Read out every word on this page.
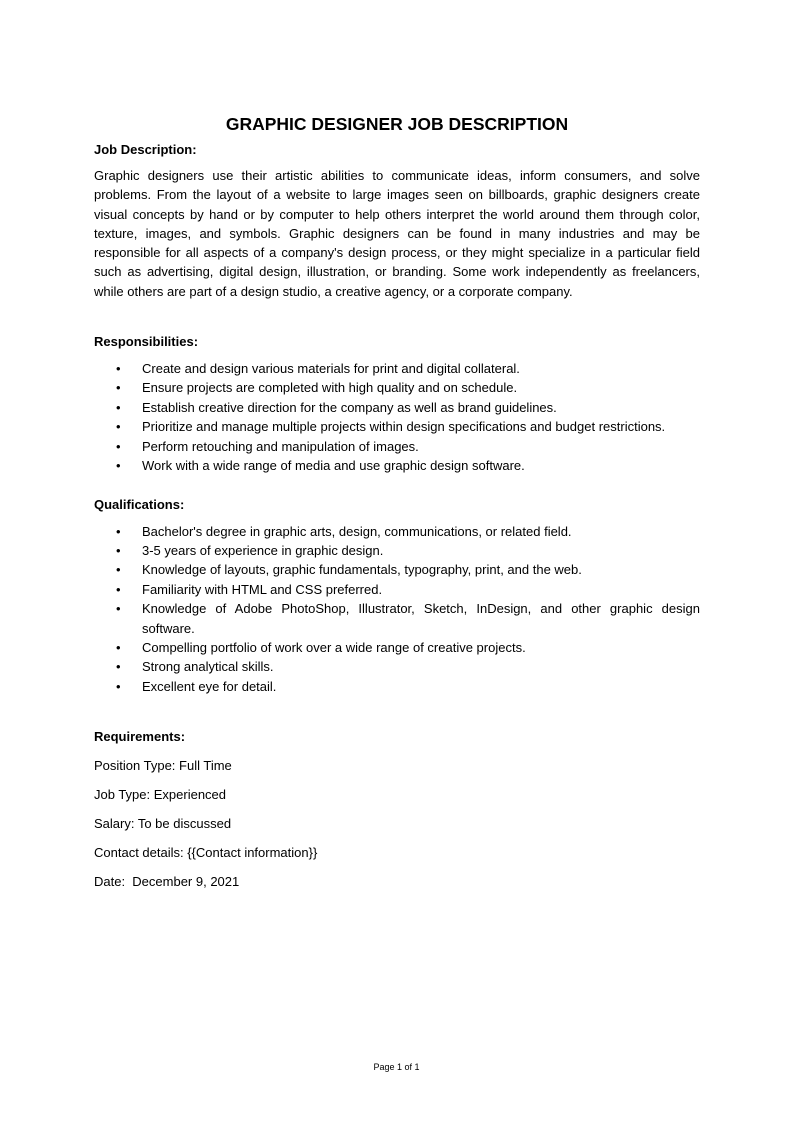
GRAPHIC DESIGNER JOB DESCRIPTION
Job Description:

Graphic designers use their artistic abilities to communicate ideas, inform consumers, and solve problems. From the layout of a website to large images seen on billboards, graphic designers create visual concepts by hand or by computer to help others interpret the world around them through color, texture, images, and symbols. Graphic designers can be found in many industries and may be responsible for all aspects of a company's design process, or they might specialize in a particular field such as advertising, digital design, illustration, or branding. Some work independently as freelancers, while others are part of a design studio, a creative agency, or a corporate company.

Responsibilities:
• Create and design various materials for print and digital collateral.
• Ensure projects are completed with high quality and on schedule.
• Establish creative direction for the company as well as brand guidelines.
• Prioritize and manage multiple projects within design specifications and budget restrictions.
• Perform retouching and manipulation of images.
• Work with a wide range of media and use graphic design software.
Qualifications:
• Bachelor's degree in graphic arts, design, communications, or related field.
• 3-5 years of experience in graphic design.
• Knowledge of layouts, graphic fundamentals, typography, print, and the web.
• Familiarity with HTML and CSS preferred.
• Knowledge of Adobe PhotoShop, Illustrator, Sketch, InDesign, and other graphic design software.
• Compelling portfolio of work over a wide range of creative projects.
• Strong analytical skills.
• Excellent eye for detail.
Requirements:
Position Type: Full Time
Job Type: Experienced
Salary: To be discussed
Contact details: {{Contact information}}
Date:  December 9, 2021
Page 1 of 1
